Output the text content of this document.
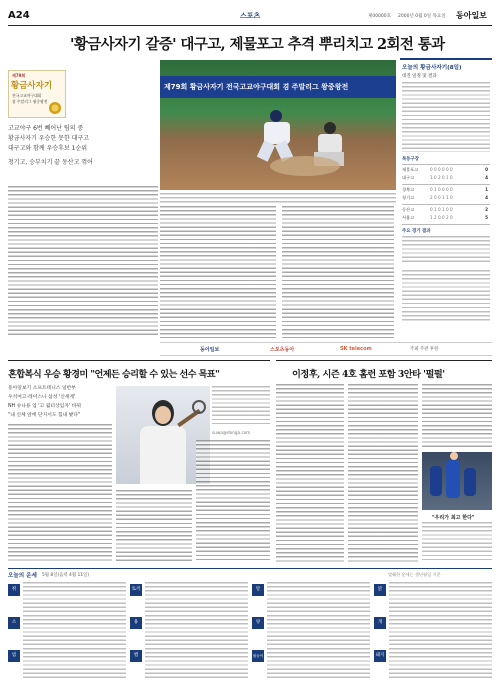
A24	스포츠	제00000호 2000년 0월 0일 목요일 동아일보
'황금사자기 갈증' 대구고, 제물포고 추격 뿌리치고 2회전 통과
제79회
황금사자기
전국고교야구대회
겸 주말리그 왕중왕전
고교야구 6번 빼어난 팀의 중
황금사자기 우승한 못한 대구고
대구고와 함께 우승후보 1순위
청기고, 승부치기 끝 동산고 꺾어
제79회 황금사자기 전국고교야구대회 겸 주말리그 왕중왕전
오늘의 황금사자기(8일)
대진 일정 및 결과
목동구장
제물포고	0 0 0 0 0 0	0
대구고	1 0 2 0 1 0	4
경북고	0 1 0 0 0 0	1
청기고	2 0 0 1 1 0	4
동산고	0 1 0 1 0 0	2
서울고	1 2 0 0 2 0	5
주요 경기 결과
동아일보	스포츠동아	SK telecom	주최 주관 후원
혼합복식 우승 황경미 "언제든 승리할 수 있는 선수 목표"
동아일보기 소프트테니스 일반부
우석여고·레이스나 삼성 '신세계'
NH 슈나용 업 '고 윌터상입자' 바꿔
"내 신체 앞에 단지서도 힘내 봤다"
suwa@donga.com
이정후, 시즌 4호 홈런 포함 3안타 '펄펄'
"우리가 최고 한다"
오늘의 운세 5월 8일(음력 4월 11일)	발췌한 운세는 생년월일 기준
쥐
소
범
토끼
용
뱀
말
양
원숭이
닭
개
돼지
